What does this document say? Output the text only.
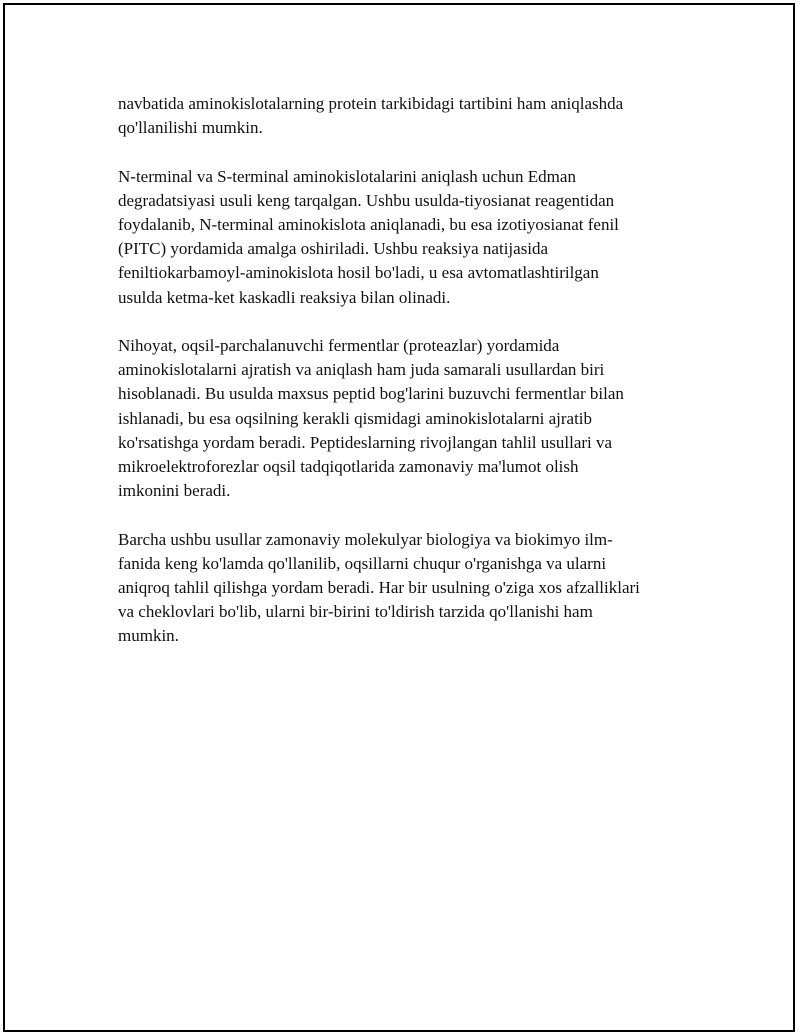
navbatida aminokislotalarning protein tarkibidagi tartibini ham aniqlashda
qo'llanilishi mumkin.

N-terminal va S-terminal aminokislotalarini aniqlash uchun Edman
degradatsiyasi usuli keng tarqalgan. Ushbu usulda-tiyosianat reagentidan
foydalanib, N-terminal aminokislota aniqlanadi, bu esa izotiyosianat fenil
(PITC) yordamida amalga oshiriladi. Ushbu reaksiya natijasida
feniltiokarbamoyl-aminokislota hosil bo'ladi, u esa avtomatlashtirilgan
usulda ketma-ket kaskadli reaksiya bilan olinadi.

Nihoyat, oqsil-parchalanuvchi fermentlar (proteazlar) yordamida
aminokislotalarni ajratish va aniqlash ham juda samarali usullardan biri
hisoblanadi. Bu usulda maxsus peptid bog'larini buzuvchi fermentlar bilan
ishlanadi, bu esa oqsilning kerakli qismidagi aminokislotalarni ajratib
ko'rsatishga yordam beradi. Peptideslarning rivojlangan tahlil usullari va
mikroelektroforezlar oqsil tadqiqotlarida zamonaviy ma'lumot olish
imkonini beradi.

Barcha ushbu usullar zamonaviy molekulyar biologiya va biokimyo ilm-
fanida keng ko'lamda qo'llanilib, oqsillarni chuqur o'rganishga va ularni
aniqroq tahlil qilishga yordam beradi. Har bir usulning o'ziga xos afzalliklari
va cheklovlari bo'lib, ularni bir-birini to'ldirish tarzida qo'llanishi ham
mumkin.
